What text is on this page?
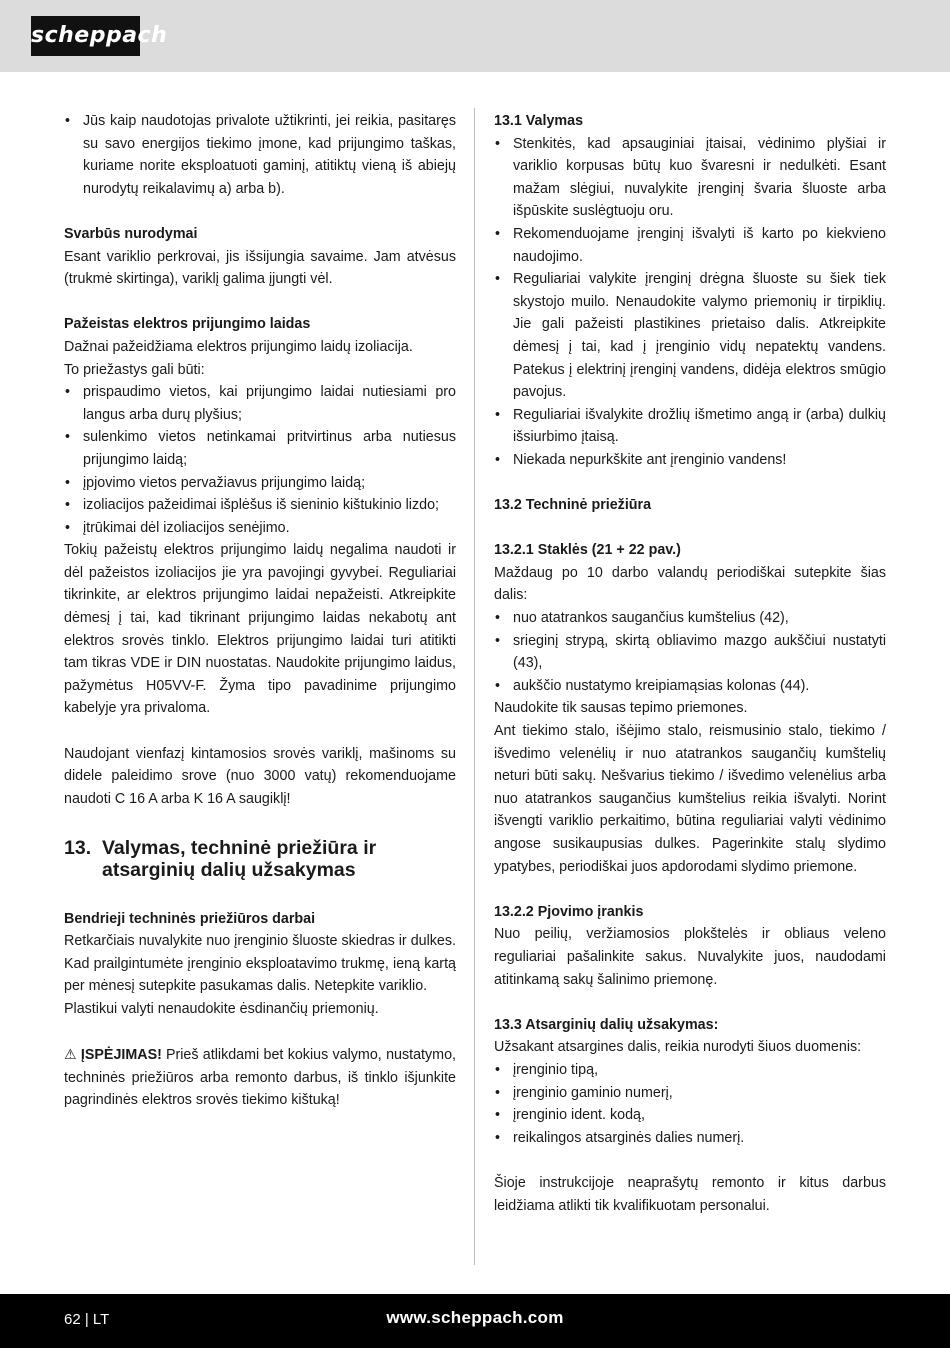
scheppach
• Jūs kaip naudotojas privalote užtikrinti, jei reikia, pasitaręs su savo energijos tiekimo įmone, kad prijungimo taškas, kuriame norite eksploatuoti gaminį, atitiktų vieną iš abiejų nurodytų reikalavimų a) arba b).
Svarbūs nurodymai

Esant variklio perkrovai, jis išsijungia savaime. Jam atvėsus (trukmė skirtinga), variklį galima įjungti vėl.

Pažeistas elektros prijungimo laidas

Dažnai pažeidžiama elektros prijungimo laidų izoliacija.

To priežastys gali būti:

• prispaudimo vietos, kai prijungimo laidai nutiesiami pro langus arba durų plyšius;
• sulenkimo vietos netinkamai pritvirtinus arba nutiesus prijungimo laidą;
• įpjovimo vietos pervažiavus prijungimo laidą;
• izoliacijos pažeidimai išplėšus iš sieninio kištukinio lizdo;
• įtrūkimai dėl izoliacijos senėjimo.

Tokių pažeistų elektros prijungimo laidų negalima naudoti ir dėl pažeistos izoliacijos jie yra pavojingi gyvybei. Reguliariai tikrinkite, ar elektros prijungimo laidai nepažeisti. Atkreipkite dėmesį į tai, kad tikrinant prijungimo laidas nekabotų ant elektros srovės tinklo. Elektros prijungimo laidai turi atitikti tam tikras VDE ir DIN nuostatas. Naudokite prijungimo laidus, pažymėtus H05VV-F. Žyma tipo pavadinime prijungimo kabelyje yra privaloma.

Naudojant vienfazį kintamosios srovės variklį, mašinoms su didele paleidimo srove (nuo 3000 vatų) rekomenduojame naudoti C 16 A arba K 16 A saugiklį!

13. Valymas, techninė priežiūra ir atsarginių dalių užsakymas
Bendrieji techninės priežiūros darbai

Retkarčiais nuvalykite nuo įrenginio šluoste skiedras ir dulkes. Kad prailgintumėte įrenginio eksploatavimo trukmę, ieną kartą per mėnesį sutepkite pasukamas dalis. Netepkite variklio.

Plastikui valyti nenaudokite ėsdinančių priemonių.

⚠ ĮSPĖJIMAS! Prieš atlikdami bet kokius valymo, nustatymo, techninės priežiūros arba remonto darbus, iš tinklo išjunkite pagrindinės elektros srovės tiekimo kištuką!

13.1 Valymas
• Stenkitės, kad apsauginiai įtaisai, vėdinimo plyšiai ir variklio korpusas būtų kuo švaresni ir nedulkėti. Esant mažam slėgiui, nuvalykite įrenginį švaria šluoste arba išpūskite suslėgtuoju oru.
• Rekomenduojame įrenginį išvalyti iš karto po kiekvieno naudojimo.
• Reguliariai valykite įrenginį drėgna šluoste su šiek tiek skystojo muilo. Nenaudokite valymo priemonių ir tirpiklių. Jie gali pažeisti plastikines prietaiso dalis. Atkreipkite dėmesį į tai, kad į įrenginio vidų nepatektų vandens. Patekus į elektrinį įrenginį vandens, didėja elektros smūgio pavojus.
• Reguliariai išvalykite drožlių išmetimo angą ir (arba) dulkių išsiurbimo įtaisą.
• Niekada nepurkškite ant įrenginio vandens!
13.2 Techninė priežiūra
13.2.1 Staklės (21 + 22 pav.)

Maždaug po 10 darbo valandų periodiškai sutepkite šias dalis:

• nuo atatrankos saugančius kumštelius (42),
• srieginį strypą, skirtą obliavimo mazgo aukščiui nustatyti (43),
• aukščio nustatymo kreipiamąsias kolonas (44).

Naudokite tik sausas tepimo priemones.

Ant tiekimo stalo, išėjimo stalo, reismusinio stalo, tiekimo / išvedimo velenėlių ir nuo atatrankos saugančių kumštelių neturi būti sakų. Nešvarius tiekimo / išvedimo velenėlius arba nuo atatrankos saugančius kumštelius reikia išvalyti. Norint išvengti variklio perkaitimo, būtina reguliariai valyti vėdinimo angose susikaupusias dulkes. Pagerinkite stalų slydimo ypatybes, periodiškai juos apdorodami slydimo priemone.

13.2.2 Pjovimo įrankis

Nuo peilių, veržiamosios plokštelės ir obliaus veleno reguliariai pašalinkite sakus. Nuvalykite juos, naudodami atitinkamą sakų šalinimo priemonę.

13.3 Atsarginių dalių užsakymas:

Užsakant atsargines dalis, reikia nurodyti šiuos duomenis:

• įrenginio tipą,
• įrenginio gaminio numerį,
• įrenginio ident. kodą,
• reikalingos atsarginės dalies numerį.

Šioje instrukcijoje neaprašytų remonto ir kitus darbus leidžiama atlikti tik kvalifikuotam personalui.

62 | LT	www.scheppach.com
